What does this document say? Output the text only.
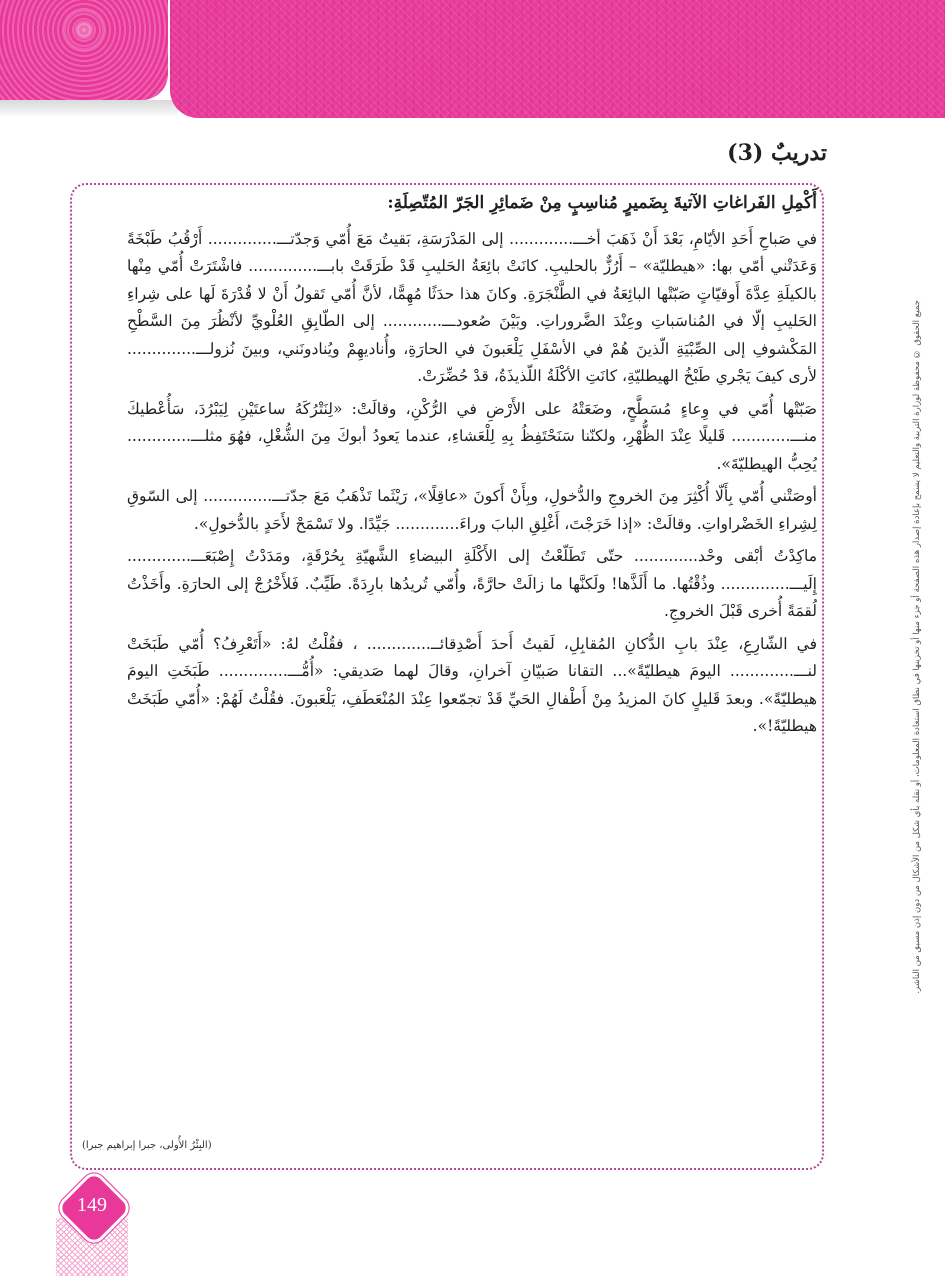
تدريبٌ (3)
جميع الحقوق © محفوظة لوزارة التربية والتعليم لا يسمح بإعادة إصدار هذه الصفحة أو جزء منها أو تخزينها في نطاق استعادة المعلومات، أو نقله بأي شكل من الأشكال من دون إذن مسبق من الناشر.

أَكْمِلِ الفَراغاتِ الآتيةَ بِضَميرٍ مُناسِبٍ مِنْ ضَمائِرِ الجَرّ المُتّصِلَةِ:

في صَباحِ أَحَدِ الأيّامِ، بَعْدَ أَنْ ذَهَبَ أخـــ............. إلى المَدْرَسَةِ، بَقيتُ مَعَ أُمّي وَجدّتـــ.............. أَرْقُبُ طَبْخَةً وَعَدَتْني أمّي بها: «هيطليّة» – أَرُزٌّ بالحليبِ. كانَتْ بائِعَةُ الحَليبِ قَدْ طَرَقَتْ بابـــ.............. فاشْتَرَتْ أُمّي مِنْها بالكيلَةِ عِدَّةَ أَوقيّاتٍ صَبّتْها البائِعَةُ في الطَّنْجَرَةِ. وكانَ هذا حدَثًا مُهِمًّا، لأنَّ أُمّي تَقولُ أَنْ لا قُدْرَةَ لَها على شِراءِ الحَليبِ إلّا في المُناسَباتِ وعِنْدَ الضَّروراتِ. وبَيْنَ صُعودـــ............ إلى الطّابِقِ العُلْويِّ لأنْظُرَ مِنَ السَّطْحِ المَكْشوفِ إلى الصِّبْيَةِ الّذينَ هُمْ في الأسْفَلِ يَلْعَبونَ في الحارَةِ، وأُناديهِمْ ويُنادونَني، وبينَ نُزولـــ.............. لأرى كيفَ يَجْري طَبْخُ الهيطليّةِ، كانَتِ الأكْلَةُ اللّذيذَةُ، قدْ حُضِّرَتْ.

صَبّتْها أُمّي في وِعاءٍ مُسَطَّحٍ، وضَعَتْهُ على الأَرْضِ في الرُّكْنِ، وقالَتْ: «لِنَتْرُكَهُ ساعتَيْنِ لِيَبْرُدَ، سَأُعْطيكَ منـــ............ قَليلًا عِنْدَ الظُّهْرِ، ولكنّنا سَنَحْتَفِظُ بِهِ لِلْعَشاءِ، عندما يَعودُ أبوكَ مِنَ الشُّغْلِ، فهُوَ مثلـــ............. يُحِبُّ الهيطليّةَ».

أوصَتْني أُمّي بِأَلّا أُكْثِرَ مِنَ الخروجِ والدُّخولِ، وبِأَنْ أَكونَ «عاقِلًا»، رَيْثَما تَذْهَبُ مَعَ جدّتـــ.............. إلى السّوقِ لِشِراءِ الخَضْراواتِ. وقالَتْ: «إذا خَرَجْتَ، أَغْلِقِ البابَ وراءَ............. جَيِّدًا. ولا تَسْمَحْ لأَحَدٍ بالدُّخولِ».

ماكِدْتُ أبْقى وحْد............. حتّى تَطَلّعْتُ إلى الأَكْلَةِ البيضاءِ الشَّهيّةِ بِحُرْقَةٍ، ومَدَدْتُ إِصْبَعَـــ............. إِلَيـــ.............. وذُقْتُها. ما أَلَذَّها! ولَكنَّها ما زالَتْ حارَّةً، وأُمّي تُريدُها بارِدَةً. طَيِّبٌ. فَلأَخْرُجْ إلى الحارَةِ. وأَخَذْتُ لُقمَةً أُخرى قَبْلَ الخروجِ.

في الشّارِعِ، عِنْدَ بابِ الدُّكانِ المُقابِلِ، لَقيتُ أَحدَ أَصْدِقائــ............. ، فقُلْتُ لهُ: «أَتَعْرِفُ؟ أُمّي طَبَخَتْ لنـــ............. اليومَ هيطليّةً»... التقانا صَبيّانِ آخرانِ، وقالَ لهما صَديقي: «أُمُّـــ.............. طَبَخَتِ اليومَ هيطليّةً». وبعدَ قَليلٍ كانَ المزيدُ مِنْ أَطْفالِ الحَيِّ قَدْ تجمّعوا عِنْدَ المُنْعَطَفِ، يَلْعَبونَ. فقُلْتُ لَهُمْ: «أُمّي طَبَخَتْ هيطليّةً!».

(البِئْرُ الأُولى، جبرا إبراهيم جبرا)
149
